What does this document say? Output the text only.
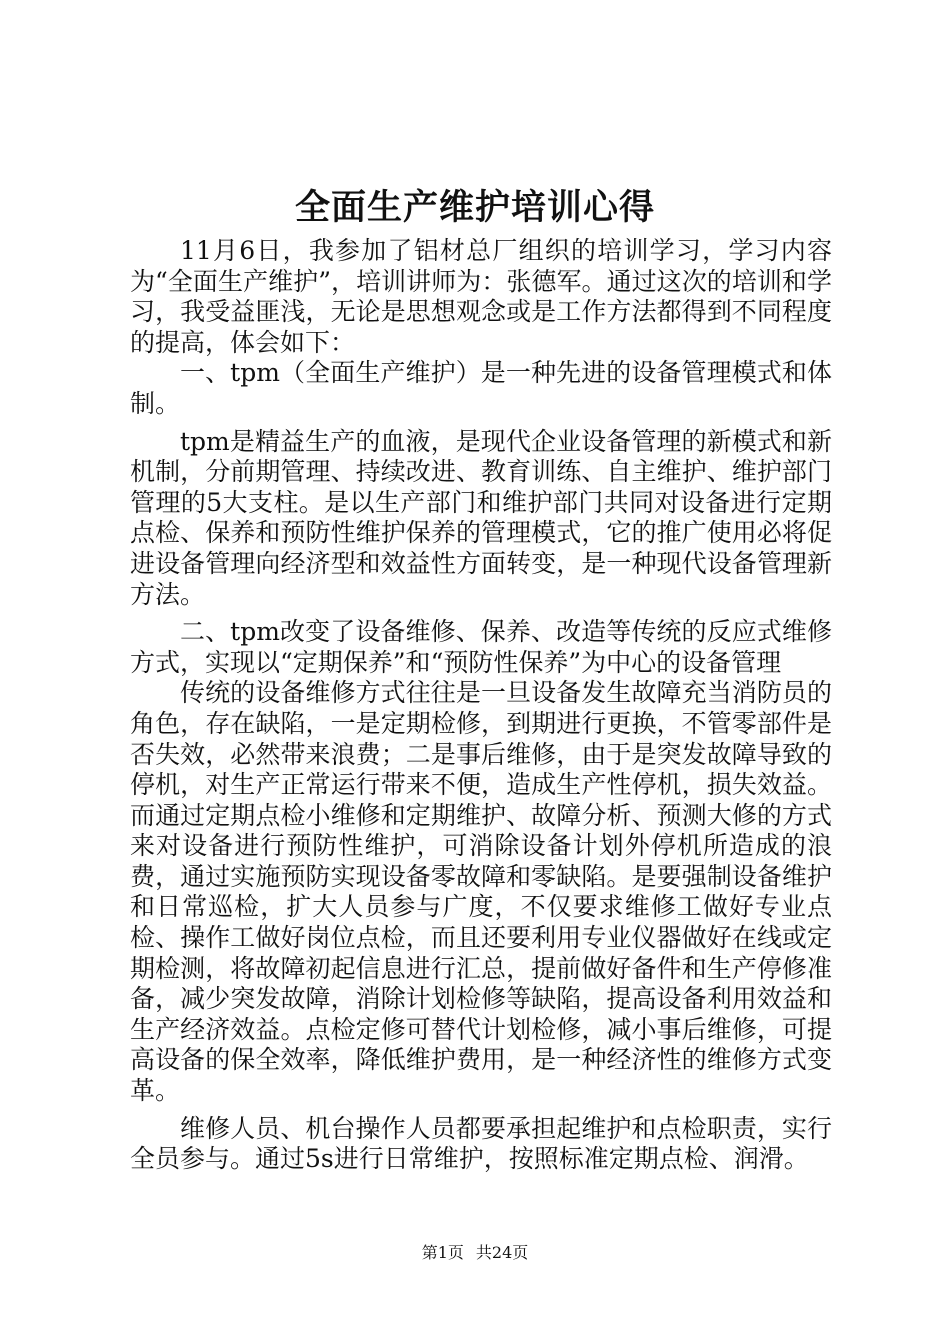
全面生产维护培训心得

11月6日，我参加了铝材总厂组织的培训学习，学习内容为“全面生产维护”，培训讲师为：张德军。通过这次的培训和学习，我受益匪浅，无论是思想观念或是工作方法都得到不同程度的提高，体会如下：

一、tpm（全面生产维护）是一种先进的设备管理模式和体制。

tpm是精益生产的血液，是现代企业设备管理的新模式和新机制，分前期管理、持续改进、教育训练、自主维护、维护部门管理的5大支柱。是以生产部门和维护部门共同对设备进行定期点检、保养和预防性维护保养的管理模式，它的推广使用必将促进设备管理向经济型和效益性方面转变，是一种现代设备管理新方法。

二、tpm改变了设备维修、保养、改造等传统的反应式维修方式，实现以“定期保养”和“预防性保养”为中心的设备管理

传统的设备维修方式往往是一旦设备发生故障充当消防员的角色，存在缺陷，一是定期检修，到期进行更换，不管零部件是否失效，必然带来浪费；二是事后维修，由于是突发故障导致的停机，对生产正常运行带来不便，造成生产性停机，损失效益。而通过定期点检小维修和定期维护、故障分析、预测大修的方式来对设备进行预防性维护，可消除设备计划外停机所造成的浪费，通过实施预防实现设备零故障和零缺陷。是要强制设备维护和日常巡检，扩大人员参与广度，不仅要求维修工做好专业点检、操作工做好岗位点检，而且还要利用专业仪器做好在线或定期检测，将故障初起信息进行汇总，提前做好备件和生产停修准备，减少突发故障，消除计划检修等缺陷，提高设备利用效益和生产经济效益。点检定修可替代计划检修，减小事后维修，可提高设备的保全效率，降低维护费用，是一种经济性的维修方式变革。

维修人员、机台操作人员都要承担起维护和点检职责，实行全员参与。通过5s进行日常维护，按照标准定期点检、润滑。

第1页 共24页
